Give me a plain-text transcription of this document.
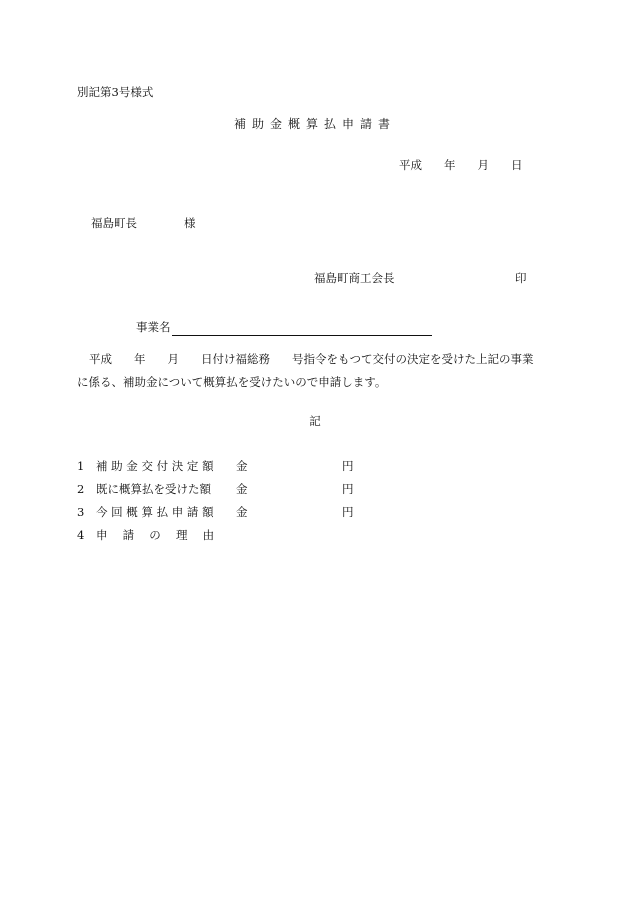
別記第3号様式
補助金概算払申請書
平成 年 月 日
福島町長	様
福島町商工会長	印
事業名
平成 年 月 日付け福総務 号指令をもつて交付の決定を受けた上記の事業
に係る、補助金について概算払を受けたいので申請します。
記
1	補 助 金 交 付 決 定 額	金	円
2	既に概算払を受けた額	金	円
3	今 回 概 算 払 申 請 額	金	円
4	申　 請　 の　 理　 由
